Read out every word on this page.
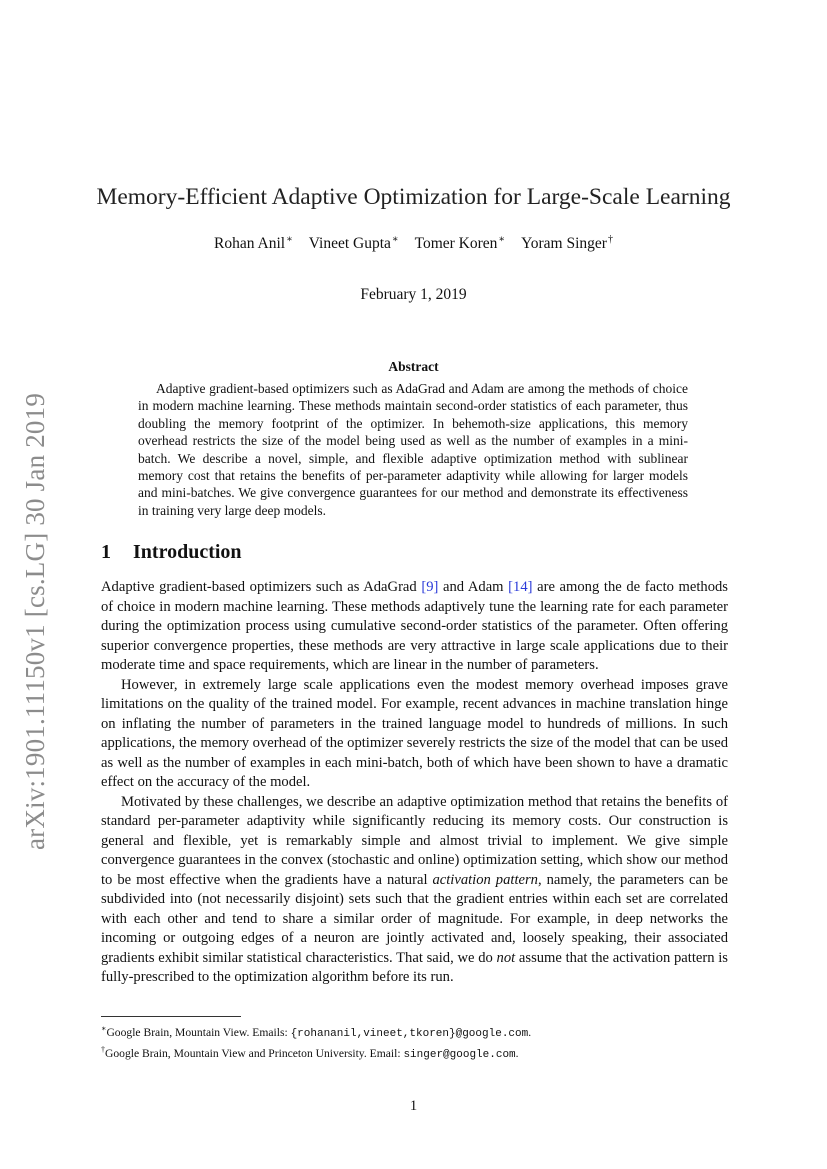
arXiv:1901.11150v1 [cs.LG] 30 Jan 2019
Memory-Efficient Adaptive Optimization for Large-Scale Learning
Rohan Anil∗ Vineet Gupta∗ Tomer Koren∗ Yoram Singer†
February 1, 2019
Abstract
Adaptive gradient-based optimizers such as AdaGrad and Adam are among the methods of choice in modern machine learning. These methods maintain second-order statistics of each parameter, thus doubling the memory footprint of the optimizer. In behemoth-size applications, this memory overhead restricts the size of the model being used as well as the number of examples in a mini-batch. We describe a novel, simple, and flexible adaptive optimization method with sublinear memory cost that retains the benefits of per-parameter adaptivity while allowing for larger models and mini-batches. We give convergence guarantees for our method and demonstrate its effectiveness in training very large deep models.
1 Introduction

Adaptive gradient-based optimizers such as AdaGrad [9] and Adam [14] are among the de facto methods of choice in modern machine learning. These methods adaptively tune the learning rate for each parameter during the optimization process using cumulative second-order statistics of the parameter. Often offering superior convergence properties, these methods are very attractive in large scale applications due to their moderate time and space requirements, which are linear in the number of parameters.

However, in extremely large scale applications even the modest memory overhead imposes grave limitations on the quality of the trained model. For example, recent advances in machine translation hinge on inflating the number of parameters in the trained language model to hundreds of millions. In such applications, the memory overhead of the optimizer severely restricts the size of the model that can be used as well as the number of examples in each mini-batch, both of which have been shown to have a dramatic effect on the accuracy of the model.

Motivated by these challenges, we describe an adaptive optimization method that retains the benefits of standard per-parameter adaptivity while significantly reducing its memory costs. Our construction is general and flexible, yet is remarkably simple and almost trivial to implement. We give simple convergence guarantees in the convex (stochastic and online) optimization setting, which show our method to be most effective when the gradients have a natural activation pattern, namely, the parameters can be subdivided into (not necessarily disjoint) sets such that the gradient entries within each set are correlated with each other and tend to share a similar order of magnitude. For example, in deep networks the incoming or outgoing edges of a neuron are jointly activated and, loosely speaking, their associated gradients exhibit similar statistical characteristics. That said, we do not assume that the activation pattern is fully-prescribed to the optimization algorithm before its run.

∗Google Brain, Mountain View. Emails: {rohananil,vineet,tkoren}@google.com.
†Google Brain, Mountain View and Princeton University. Email: singer@google.com.
1
